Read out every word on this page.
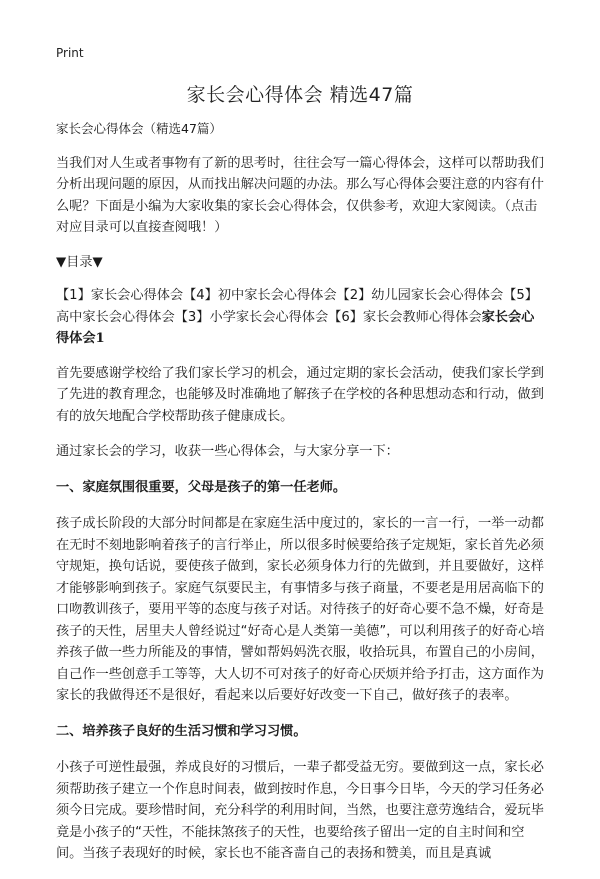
Print
家长会心得体会 精选47篇

家长会心得体会（精选47篇）

当我们对人生或者事物有了新的思考时，往往会写一篇心得体会，这样可以帮助我们分析出现问题的原因，从而找出解决问题的办法。那么写心得体会要注意的内容有什么呢？下面是小编为大家收集的家长会心得体会，仅供参考，欢迎大家阅读。（点击对应目录可以直接查阅哦！）

▼目录▼

【1】家长会心得体会【4】初中家长会心得体会【2】幼儿园家长会心得体会【5】高中家长会心得体会【3】小学家长会心得体会【6】家长会教师心得体会家长会心得体会1

首先要感谢学校给了我们家长学习的机会，通过定期的家长会活动，使我们家长学到了先进的教育理念，也能够及时准确地了解孩子在学校的各种思想动态和行动，做到有的放矢地配合学校帮助孩子健康成长。

通过家长会的学习，收获一些心得体会，与大家分享一下：

一、家庭氛围很重要，父母是孩子的第一任老师。

孩子成长阶段的大部分时间都是在家庭生活中度过的，家长的一言一行，一举一动都在无时不刻地影响着孩子的言行举止，所以很多时候要给孩子定规矩，家长首先必须守规矩，换句话说，要使孩子做到，家长必须身体力行的先做到，并且要做好，这样才能够影响到孩子。家庭气氛要民主，有事情多与孩子商量，不要老是用居高临下的口吻教训孩子，要用平等的态度与孩子对话。对待孩子的好奇心要不急不燥，好奇是孩子的天性，居里夫人曾经说过“好奇心是人类第一美德”，可以利用孩子的好奇心培养孩子做一些力所能及的事情，譬如帮妈妈洗衣服，收拾玩具，布置自己的小房间，自己作一些创意手工等等，大人切不可对孩子的好奇心厌烦并给予打击，这方面作为家长的我做得还不是很好，看起来以后要好好改变一下自己，做好孩子的表率。

二、培养孩子良好的生活习惯和学习习惯。

小孩子可逆性最强，养成良好的习惯后，一辈子都受益无穷。要做到这一点，家长必须帮助孩子建立一个作息时间表，做到按时作息，今日事今日毕，今天的学习任务必须今日完成。要珍惜时间，充分科学的利用时间，当然，也要注意劳逸结合，爱玩毕竟是小孩子的“天性，不能抹煞孩子的天性，也要给孩子留出一定的自主时间和空间。当孩子表现好的时候，家长也不能吝啬自己的表扬和赞美，而且是真诚
